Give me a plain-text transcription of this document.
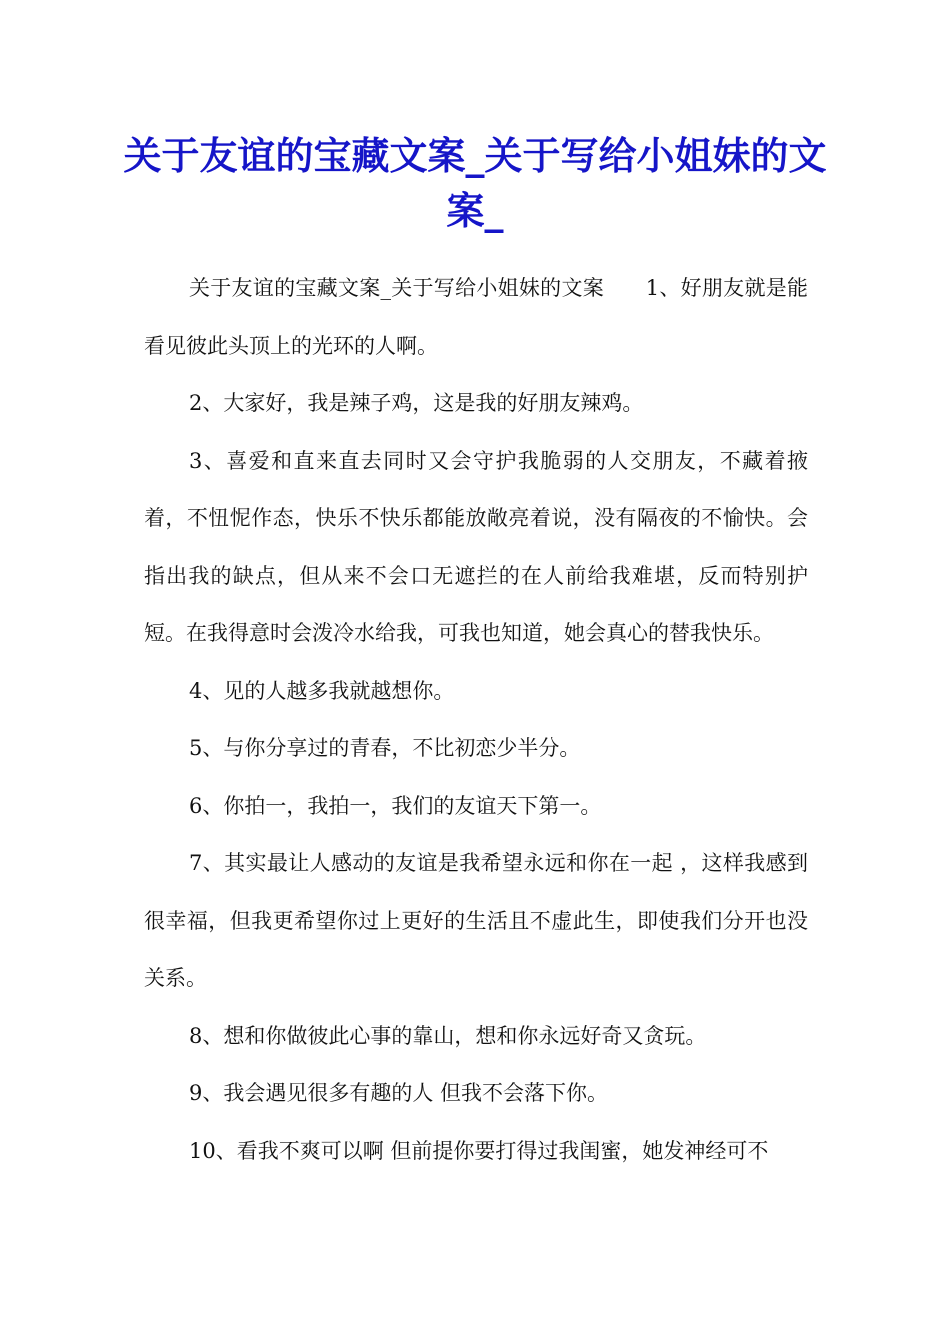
关于友谊的宝藏文案_关于写给小姐妹的文案_

关于友谊的宝藏文案_关于写给小姐妹的文案      1、好朋友就是能看见彼此头顶上的光环的人啊。

2、大家好，我是辣子鸡，这是我的好朋友辣鸡。

3、喜爱和直来直去同时又会守护我脆弱的人交朋友，不藏着掖着，不忸怩作态，快乐不快乐都能放敞亮着说，没有隔夜的不愉快。会指出我的缺点，但从来不会口无遮拦的在人前给我难堪，反而特别护短。在我得意时会泼冷水给我，可我也知道，她会真心的替我快乐。

4、见的人越多我就越想你。

5、与你分享过的青春，不比初恋少半分。

6、你拍一，我拍一，我们的友谊天下第一。

7、其实最让人感动的友谊是我希望永远和你在一起 ，这样我感到很幸福，但我更希望你过上更好的生活且不虚此生，即使我们分开也没关系。

8、想和你做彼此心事的靠山，想和你永远好奇又贪玩。

9、我会遇见很多有趣的人 但我不会落下你。

10、看我不爽可以啊 但前提你要打得过我闺蜜，她发神经可不
